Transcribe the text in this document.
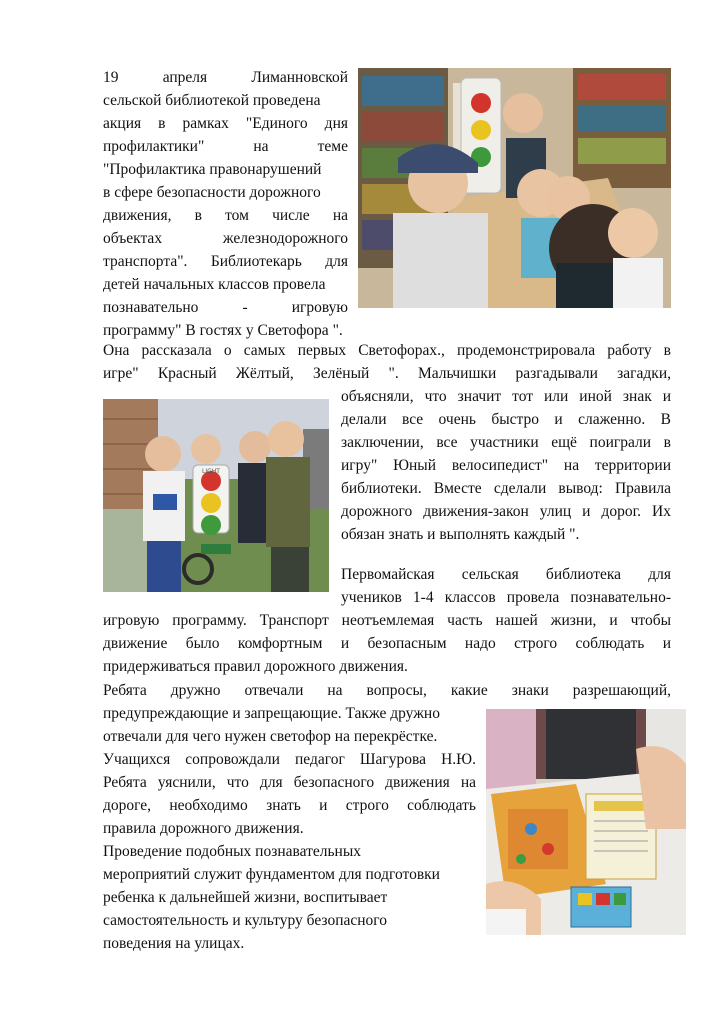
19 апреля Лиманновской
сельской библиотекой проведена
акция в рамках "Единого дня
профилактики" на теме
"Профилактика правонарушений
в сфере безопасности дорожного
движения, в том числе на
объектах железнодорожного
транспорта". Библиотекарь для
детей начальных классов провела
познавательно - игровую
программу" В гостях у Светофора ".
Она рассказала о самых первых Светофорах., продемонстрировала работу в
игре" Красный Жёлтый, Зелёный ". Мальчишки разгадывали загадки,
LIGHT
объясняли, что значит тот или иной знак и
делали все очень быстро и слаженно. В
заключении, все участники ещё поиграли в
игру" Юный велосипедист" на территории
библиотеки. Вместе сделали вывод: Правила
дорожного движения-закон улиц и дорог. Их
обязан знать и выполнять каждый ".
Первомайская сельская библиотека для
учеников 1-4 классов провела познавательно-
игровую программу. Транспорт неотъемлемая часть нашей жизни, и чтобы
движение было комфортным и безопасным надо строго соблюдать и
придерживаться правил дорожного движения.
Ребята дружно отвечали на вопросы, какие знаки разрешающий,
предупреждающие и запрещающие. Также дружно
отвечали для чего нужен светофор на перекрёстке.
Учащихся сопровождали педагог Шагурова Н.Ю.
Ребята уяснили, что для безопасного движения на
дороге, необходимо знать и строго соблюдать
правила дорожного движения.
Проведение подобных познавательных
мероприятий служит фундаментом для подготовки
ребенка к дальнейшей жизни, воспитывает
самостоятельность и культуру безопасного
поведения на улицах.
